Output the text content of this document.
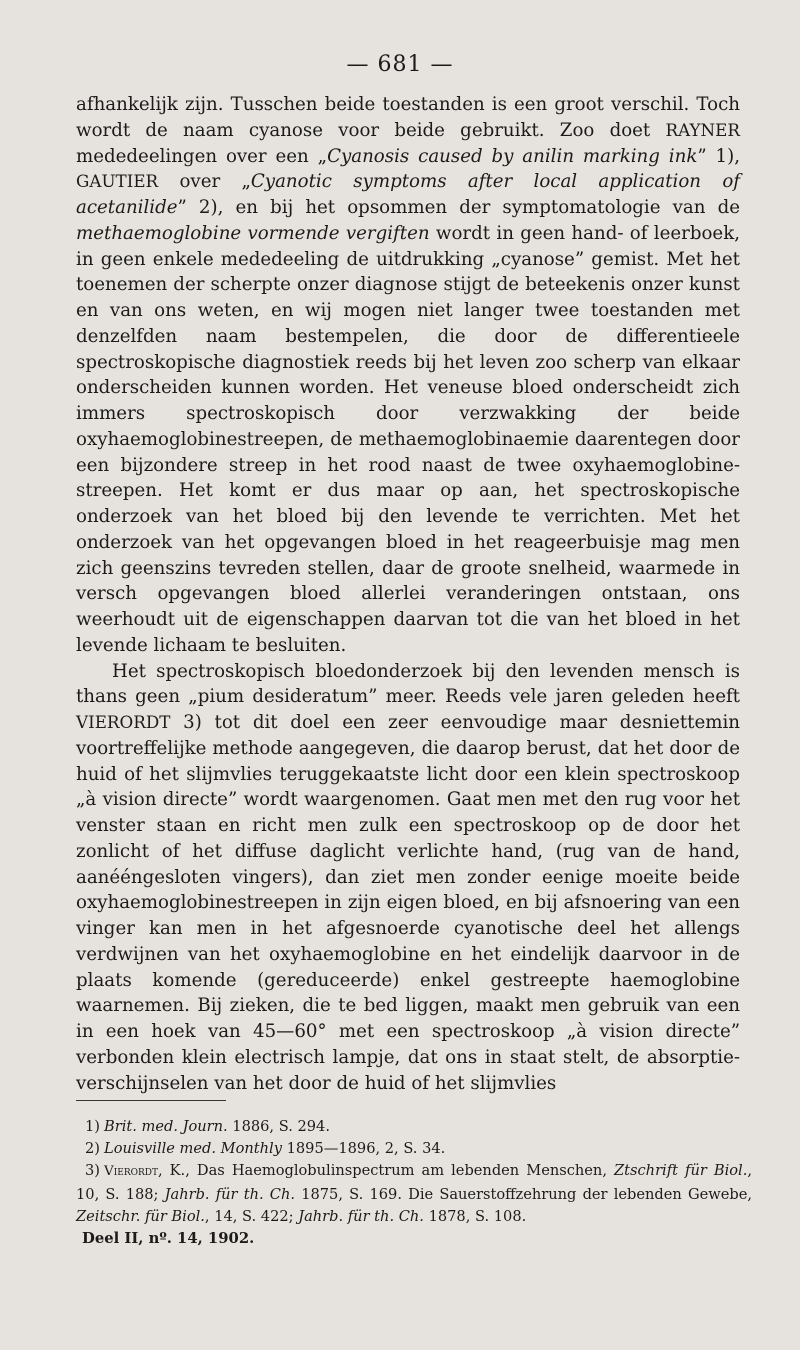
— 681 —

afhankelijk zijn. Tusschen beide toestanden is een groot verschil. Toch wordt de naam cyanose voor beide gebruikt. Zoo doet RAYNER mededeelingen over een „Cyanosis caused by anilin marking ink” 1), GAUTIER over „Cyanotic symptoms after local application of acetanilide” 2), en bij het opsommen der symptomatologie van de methaemoglobine vormende vergiften wordt in geen hand- of leerboek, in geen enkele mededeeling de uitdrukking „cyanose” gemist. Met het toenemen der scherpte onzer diagnose stijgt de beteekenis onzer kunst en van ons weten, en wij mogen niet langer twee toestanden met denzelfden naam bestempelen, die door de differentieele spectroskopische diagnostiek reeds bij het leven zoo scherp van elkaar onderscheiden kunnen worden. Het veneuse bloed onderscheidt zich immers spectroskopisch door verzwakking der beide oxyhaemoglobinestreepen, de methaemoglobinaemie daarentegen door een bijzondere streep in het rood naast de twee oxyhaemoglobine-streepen. Het komt er dus maar op aan, het spectroskopische onderzoek van het bloed bij den levende te verrichten. Met het onderzoek van het opgevangen bloed in het reageerbuisje mag men zich geenszins tevreden stellen, daar de groote snelheid, waarmede in versch opgevangen bloed allerlei veranderingen ontstaan, ons weerhoudt uit de eigenschappen daarvan tot die van het bloed in het levende lichaam te besluiten.

Het spectroskopisch bloedonderzoek bij den levenden mensch is thans geen „pium desideratum” meer. Reeds vele jaren geleden heeft VIERORDT 3) tot dit doel een zeer eenvoudige maar desniettemin voortreffelijke methode aangegeven, die daarop berust, dat het door de huid of het slijmvlies teruggekaatste licht door een klein spectroskoop „à vision directe” wordt waargenomen. Gaat men met den rug voor het venster staan en richt men zulk een spectroskoop op de door het zonlicht of het diffuse daglicht verlichte hand, (rug van de hand, aanééngesloten vingers), dan ziet men zonder eenige moeite beide oxyhaemoglobinestreepen in zijn eigen bloed, en bij afsnoering van een vinger kan men in het afgesnoerde cyanotische deel het allengs verdwijnen van het oxyhaemoglobine en het eindelijk daarvoor in de plaats komende (gereduceerde) enkel gestreepte haemoglobine waarnemen. Bij zieken, die te bed liggen, maakt men gebruik van een in een hoek van 45—60° met een spectroskoop „à vision directe” verbonden klein electrisch lampje, dat ons in staat stelt, de absorptie-verschijnselen van het door de huid of het slijmvlies

1) Brit. med. Journ. 1886, S. 294.

2) Louisville med. Monthly 1895—1896, 2, S. 34.

3) Vierordt, K., Das Haemoglobulinspectrum am lebenden Menschen, Ztschrift für Biol., 10, S. 188; Jahrb. für th. Ch. 1875, S. 169. Die Sauerstoffzehrung der lebenden Gewebe, Zeitschr. für Biol., 14, S. 422; Jahrb. für th. Ch. 1878, S. 108.

Deel II, nº. 14, 1902.
